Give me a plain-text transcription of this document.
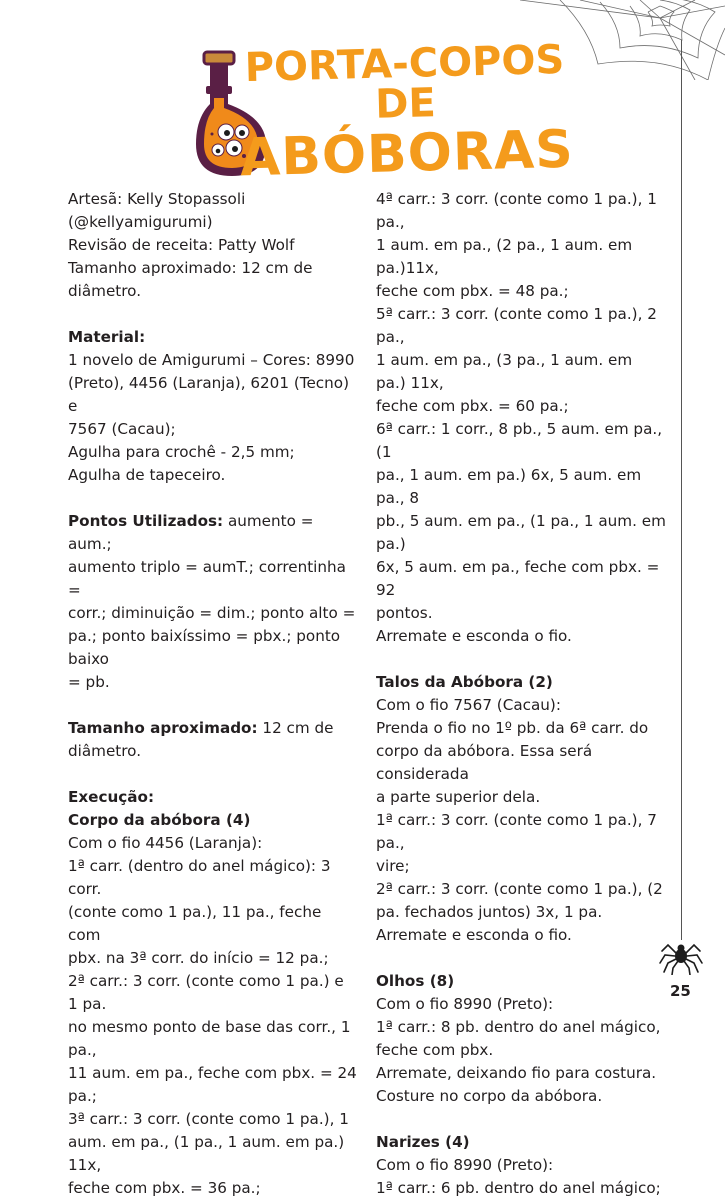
PORTA-COPOS DE
ABÓBORAS

Artesã: Kelly Stopassoli

(@kellyamigurumi)

Revisão de receita: Patty Wolf

Tamanho aproximado: 12 cm de

diâmetro.

Material:

1 novelo de Amigurumi – Cores: 8990

(Preto), 4456 (Laranja), 6201 (Tecno) e

7567 (Cacau);

Agulha para crochê - 2,5 mm;

Agulha de tapeceiro.

Pontos Utilizados: aumento = aum.;

aumento triplo = aumT.; correntinha =

corr.; diminuição = dim.; ponto alto =

pa.; ponto baixíssimo = pbx.; ponto baixo

= pb.

Tamanho aproximado: 12 cm de

diâmetro.

Execução:

Corpo da abóbora (4)

Com o fio 4456 (Laranja):

1ª carr. (dentro do anel mágico): 3 corr.

(conte como 1 pa.), 11 pa., feche com

pbx. na 3ª corr. do início = 12 pa.;

2ª carr.: 3 corr. (conte como 1 pa.) e 1 pa.

no mesmo ponto de base das corr., 1 pa.,

11 aum. em pa., feche com pbx. = 24 pa.;

3ª carr.: 3 corr. (conte como 1 pa.), 1

aum. em pa., (1 pa., 1 aum. em pa.) 11x,

feche com pbx. = 36 pa.;

4ª carr.: 3 corr. (conte como 1 pa.), 1 pa.,

1 aum. em pa., (2 pa., 1 aum. em pa.)11x,

feche com pbx. = 48 pa.;

5ª carr.: 3 corr. (conte como 1 pa.), 2 pa.,

1 aum. em pa., (3 pa., 1 aum. em pa.) 11x,

feche com pbx. = 60 pa.;

6ª carr.: 1 corr., 8 pb., 5 aum. em pa., (1

pa., 1 aum. em pa.) 6x, 5 aum. em pa., 8

pb., 5 aum. em pa., (1 pa., 1 aum. em pa.)

6x, 5 aum. em pa., feche com pbx. = 92

pontos.

Arremate e esconda o fio.

Talos da Abóbora (2)

Com o fio 7567 (Cacau):

Prenda o fio no 1º pb. da 6ª carr. do

corpo da abóbora. Essa será considerada

a parte superior dela.

1ª carr.: 3 corr. (conte como 1 pa.), 7 pa.,

vire;

2ª carr.: 3 corr. (conte como 1 pa.), (2

pa. fechados juntos) 3x, 1 pa.

Arremate e esconda o fio.

Olhos (8)

Com o fio 8990 (Preto):

1ª carr.: 8 pb. dentro do anel mágico,

feche com pbx.

Arremate, deixando fio para costura.

Costure no corpo da abóbora.

Narizes (4)

Com o fio 8990 (Preto):

1ª carr.: 6 pb. dentro do anel mágico;

25
